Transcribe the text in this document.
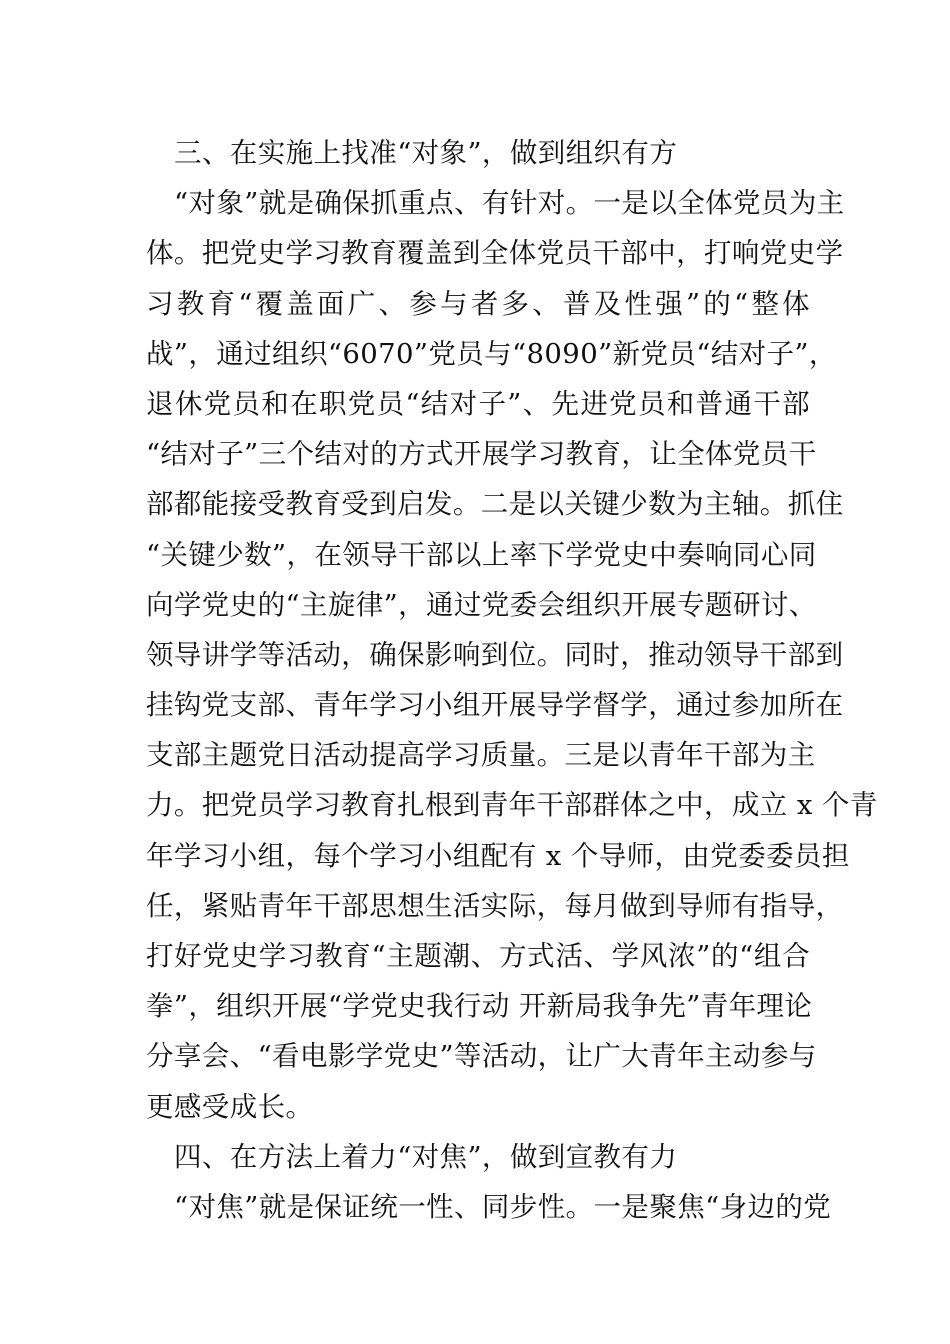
三、在实施上找准“对象”，做到组织有方
“对象”就是确保抓重点、有针对。一是以全体党员为主
体。把党史学习教育覆盖到全体党员干部中，打响党史学
习教育“覆盖面广、参与者多、普及性强”的“整体
战”，通过组织“6070”党员与“8090”新党员“结对子”，
退休党员和在职党员“结对子”、先进党员和普通干部
“结对子”三个结对的方式开展学习教育，让全体党员干
部都能接受教育受到启发。二是以关键少数为主轴。抓住
“关键少数”，在领导干部以上率下学党史中奏响同心同
向学党史的“主旋律”，通过党委会组织开展专题研讨、
领导讲学等活动，确保影响到位。同时，推动领导干部到
挂钩党支部、青年学习小组开展导学督学，通过参加所在
支部主题党日活动提高学习质量。三是以青年干部为主
力。把党员学习教育扎根到青年干部群体之中，成立 x 个青
年学习小组，每个学习小组配有 x 个导师，由党委委员担
任，紧贴青年干部思想生活实际，每月做到导师有指导，
打好党史学习教育“主题潮、方式活、学风浓”的“组合
拳”，组织开展“学党史我行动 开新局我争先”青年理论
分享会、“看电影学党史”等活动，让广大青年主动参与
更感受成长。
四、在方法上着力“对焦”，做到宣教有力
“对焦”就是保证统一性、同步性。一是聚焦“身边的党
